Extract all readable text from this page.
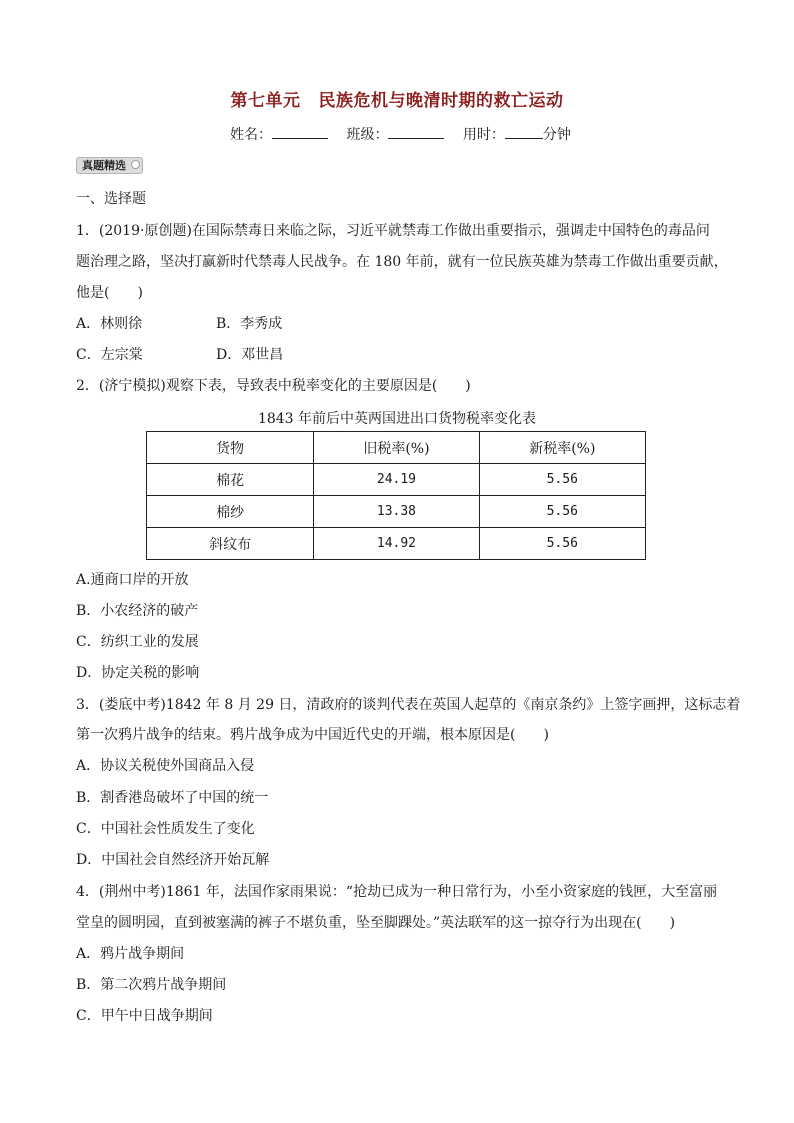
第七单元 民族危机与晚清时期的救亡运动
姓名：	班级：	用时：	分钟
真题精选
一、选择题
1．(2019·原创题)在国际禁毒日来临之际，习近平就禁毒工作做出重要指示，强调走中国特色的毒品问
题治理之路，坚决打赢新时代禁毒人民战争。在 180 年前，就有一位民族英雄为禁毒工作做出重要贡献，
他是(　　)
A．林则徐	B．李秀成
C．左宗棠	D．邓世昌
2．(济宁模拟)观察下表，导致表中税率变化的主要原因是(　　)
1843 年前后中英两国进出口货物税率变化表
货物	旧税率(%)	新税率(%)
棉花	24.19	5.56
棉纱	13.38	5.56
斜纹布	14.92	5.56
A.通商口岸的开放
B．小农经济的破产
C．纺织工业的发展
D．协定关税的影响
3．(娄底中考)1842 年 8 月 29 日，清政府的谈判代表在英国人起草的《南京条约》上签字画押，这标志着
第一次鸦片战争的结束。鸦片战争成为中国近代史的开端，根本原因是(　　)
A．协议关税使外国商品入侵
B．割香港岛破坏了中国的统一
C．中国社会性质发生了变化
D．中国社会自然经济开始瓦解
4．(荆州中考)1861 年，法国作家雨果说：“抢劫已成为一种日常行为，小至小资家庭的钱匣，大至富丽
堂皇的圆明园，直到被塞满的裤子不堪负重，坠至脚踝处。”英法联军的这一掠夺行为出现在(　　)
A．鸦片战争期间
B．第二次鸦片战争期间
C．甲午中日战争期间
